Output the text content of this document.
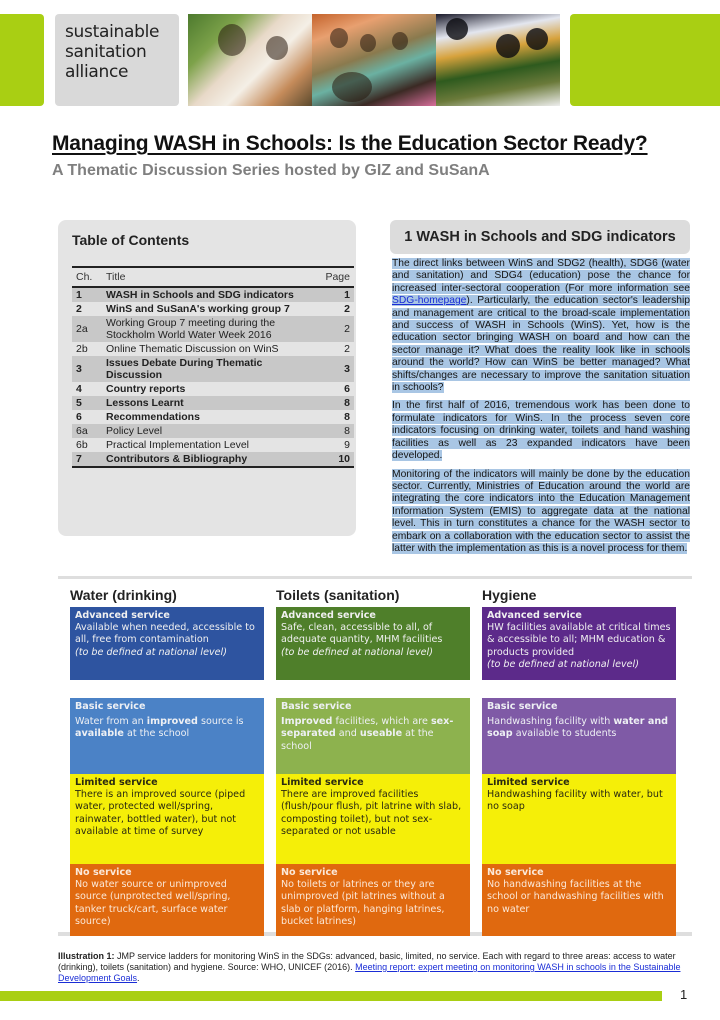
sustainable
sanitation
alliance
Managing WASH in Schools: Is the Education Sector Ready?
A Thematic Discussion Series hosted by GIZ and SuSanA
Table of Contents
Ch.	Title	Page
1	WASH in Schools and SDG indicators	1
2	WinS and SuSanA's working group 7	2
2a	Working Group 7 meeting during the Stockholm World Water Week 2016	2
2b	Online Thematic Discussion on WinS	2
3	Issues Debate During Thematic Discussion	3
4	Country reports	6
5	Lessons Learnt	8
6	Recommendations	8
6a	Policy Level	8
6b	Practical Implementation Level	9
7	Contributors & Bibliography	10
1 WASH in Schools and SDG indicators

The direct links between WinS and SDG2 (health), SDG6 (water and sanitation) and SDG4 (education) pose the chance for increased inter-sectoral cooperation (For more information see SDG-homepage). Particularly, the education sector's leadership and management are critical to the broad-scale implementation and success of WASH in Schools (WinS). Yet, how is the education sector bringing WASH on board and how can the sector manage it? What does the reality look like in schools around the world? How can WinS be better managed? What shifts/changes are necessary to improve the sanitation situation in schools?

In the first half of 2016, tremendous work has been done to formulate indicators for WinS. In the process seven core indicators focusing on drinking water, toilets and hand washing facilities as well as 23 expanded indicators have been developed.

Monitoring of the indicators will mainly be done by the education sector. Currently, Ministries of Education around the world are integrating the core indicators into the Education Management Information System (EMIS) to aggregate data at the national level. This in turn constitutes a chance for the WASH sector to embark on a collaboration with the education sector to assist the latter with the implementation as this is a novel process for them.

Water (drinking)
Advanced service
Available when needed, accessible to all, free from contamination
(to be defined at national level)
Basic service
Water from an improved source is available at the school
Limited service
There is an improved source (piped water, protected well/spring, rainwater, bottled water), but not available at time of survey
No service
No water source or unimproved source (unprotected well/spring, tanker truck/cart, surface water source)
Toilets (sanitation)
Advanced service
Safe, clean, accessible to all, of adequate quantity, MHM facilities
(to be defined at national level)
Basic service
Improved facilities, which are sex-separated and useable at the school
Limited service
There are improved facilities (flush/pour flush, pit latrine with slab, composting toilet), but not sex-separated or not usable
No service
No toilets or latrines or they are unimproved (pit latrines without a slab or platform, hanging latrines, bucket latrines)
Hygiene
Advanced service
HW facilities available at critical times & accessible to all; MHM education & products provided
(to be defined at national level)
Basic service
Handwashing facility with water and soap available to students
Limited service
Handwashing facility with water, but no soap
No service
No handwashing facilities at the school or handwashing facilities with no water
Illustration 1: JMP service ladders for monitoring WinS in the SDGs: advanced, basic, limited, no service. Each with regard to three areas: access to water (drinking), toilets (sanitation) and hygiene. Source: WHO, UNICEF (2016). Meeting report: expert meeting on monitoring WASH in schools in the Sustainable Development Goals.
1
